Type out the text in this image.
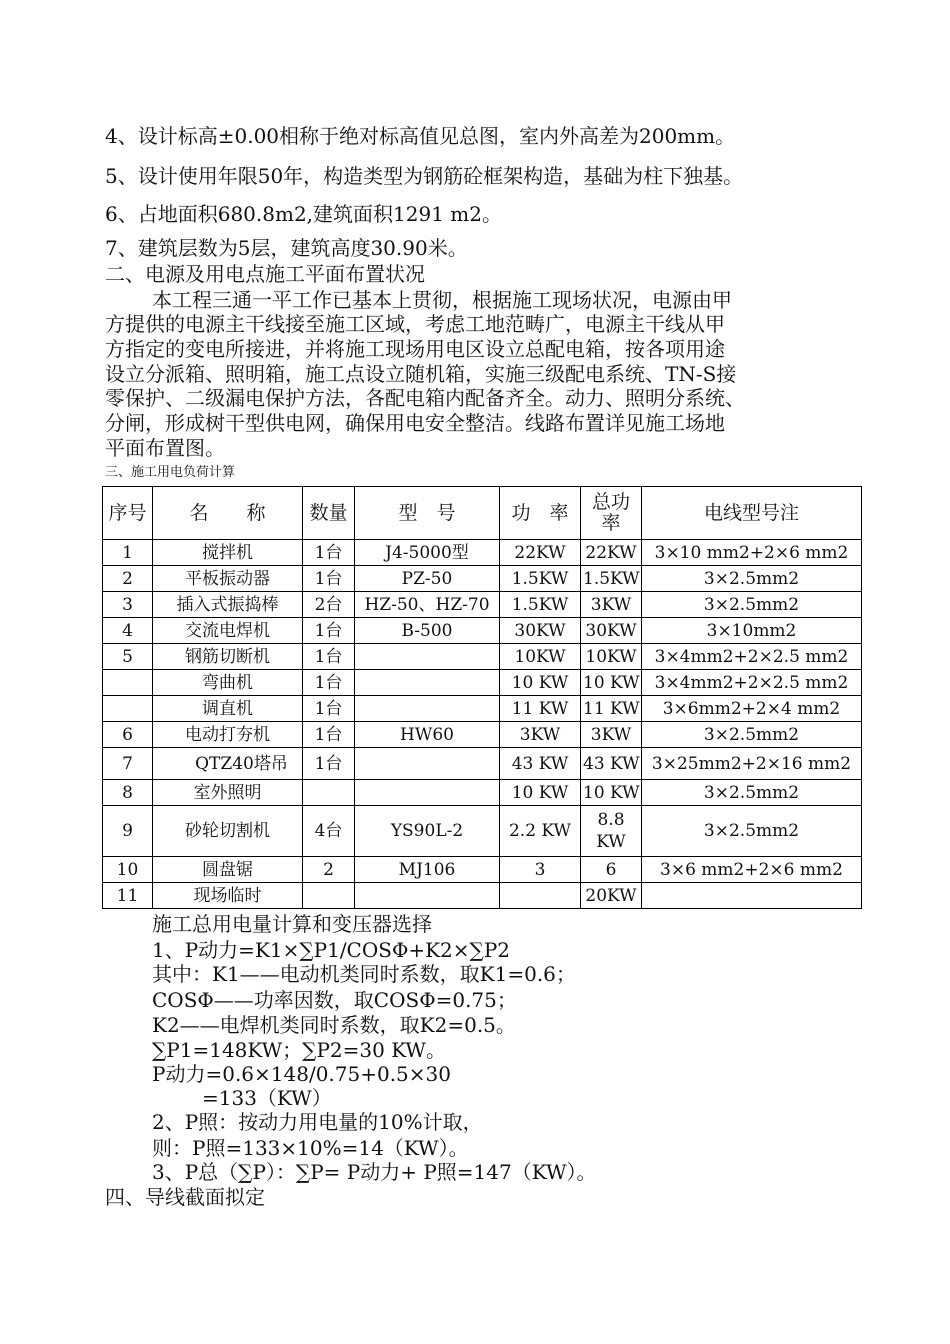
4、设计标高±0.00相称于绝对标高值见总图，室内外高差为200mm。
5、设计使用年限50年，构造类型为钢筋砼框架构造，基础为柱下独基。
6、占地面积680.8m2,建筑面积1291 m2。
7、建筑层数为5层，建筑高度30.90米。
二、电源及用电点施工平面布置状况
本工程三通一平工作已基本上贯彻，根据施工现场状况，电源由甲
方提供的电源主干线接至施工区域，考虑工地范畴广，电源主干线从甲
方指定的变电所接进，并将施工现场用电区设立总配电箱，按各项用途
设立分派箱、照明箱，施工点设立随机箱，实施三级配电系统、TN-S接
零保护、二级漏电保护方法，各配电箱内配备齐全。动力、照明分系统、
分闸，形成树干型供电网，确保用电安全整洁。线路布置详见施工场地
平面布置图。
三、施工用电负荷计算
序号	名　　称	数量	型　号	功　率	总功率	电线型号注
1	搅拌机	1台	J4-5000型	22KW	22KW	3×10 mm2+2×6 mm2
2	平板振动器	1台	PZ-50	1.5KW	1.5KW	3×2.5mm2
3	插入式振捣棒	2台	HZ-50、HZ-70	1.5KW	3KW	3×2.5mm2
4	交流电焊机	1台	B-500	30KW	30KW	3×10mm2
5	钢筋切断机	1台		10KW	10KW	3×4mm2+2×2.5 mm2
	弯曲机	1台		10 KW	10 KW	3×4mm2+2×2.5 mm2
	调直机	1台		11 KW	11 KW	3×6mm2+2×4 mm2
6	电动打夯机	1台	HW60	3KW	3KW	3×2.5mm2
7	QTZ40塔吊	1台		43 KW	43 KW	3×25mm2+2×16 mm2
8	室外照明			10 KW	10 KW	3×2.5mm2
9	砂轮切割机	4台	YS90L-2	2.2 KW	8.8 KW	3×2.5mm2
10	圆盘锯	2	MJ106	3	6	3×6 mm2+2×6 mm2
11	现场临时				20KW	
施工总用电量计算和变压器选择
1、P动力=K1×∑P1/COSΦ+K2×∑P2
其中：K1——电动机类同时系数，取K1=0.6；
COSΦ——功率因数，取COSΦ=0.75；
K2——电焊机类同时系数，取K2=0.5。
∑P1=148KW；∑P2=30 KW。
P动力=0.6×148/0.75+0.5×30
=133（KW）
2、P照：按动力用电量的10%计取，
则：P照=133×10%=14（KW）。
3、P总（∑P）：∑P= P动力+ P照=147（KW）。
四、导线截面拟定
